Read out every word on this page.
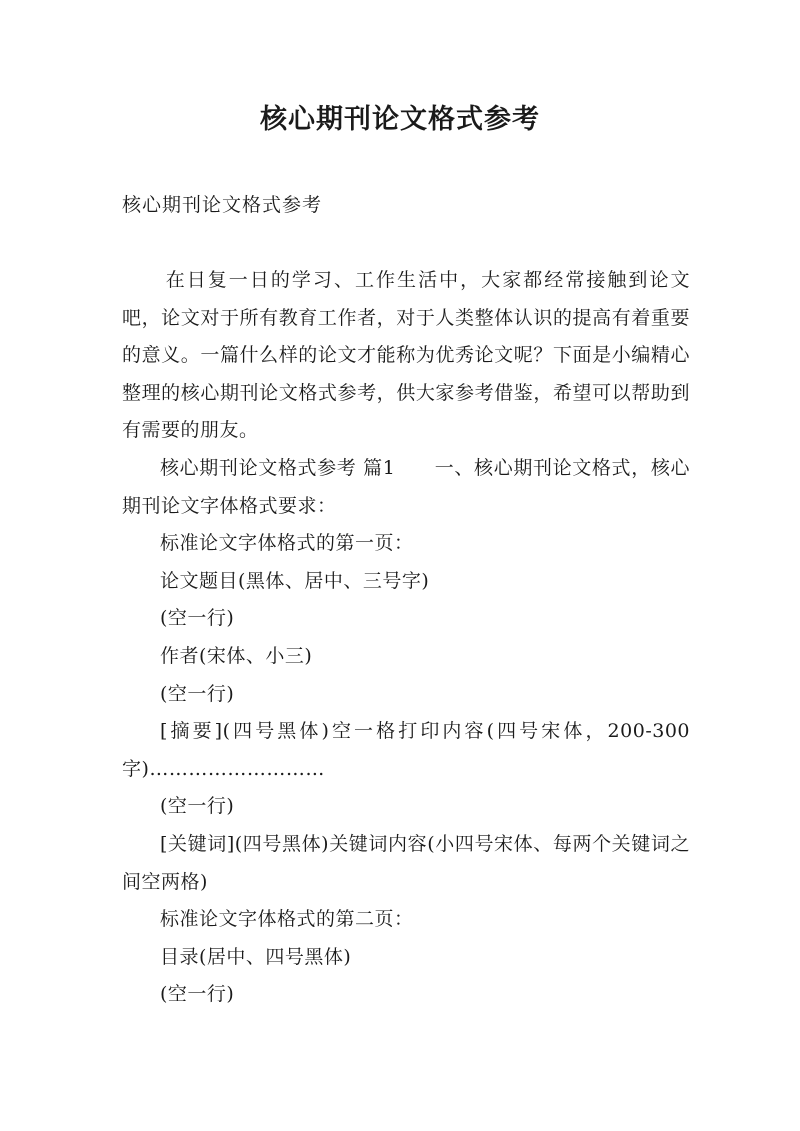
核心期刊论文格式参考
核心期刊论文格式参考

在日复一日的学习、工作生活中，大家都经常接触到论文吧，论文对于所有教育工作者，对于人类整体认识的提高有着重要的意义。一篇什么样的论文才能称为优秀论文呢？下面是小编精心整理的核心期刊论文格式参考，供大家参考借鉴，希望可以帮助到有需要的朋友。

核心期刊论文格式参考 篇1　　一、核心期刊论文格式，核心期刊论文字体格式要求：

标准论文字体格式的第一页：

论文题目(黑体、居中、三号字)

(空一行)

作者(宋体、小三)

(空一行)

[摘要](四号黑体)空一格打印内容(四号宋体，200-300字)………………………

(空一行)

[关键词](四号黑体)关键词内容(小四号宋体、每两个关键词之间空两格)

标准论文字体格式的第二页：

目录(居中、四号黑体)

(空一行)
